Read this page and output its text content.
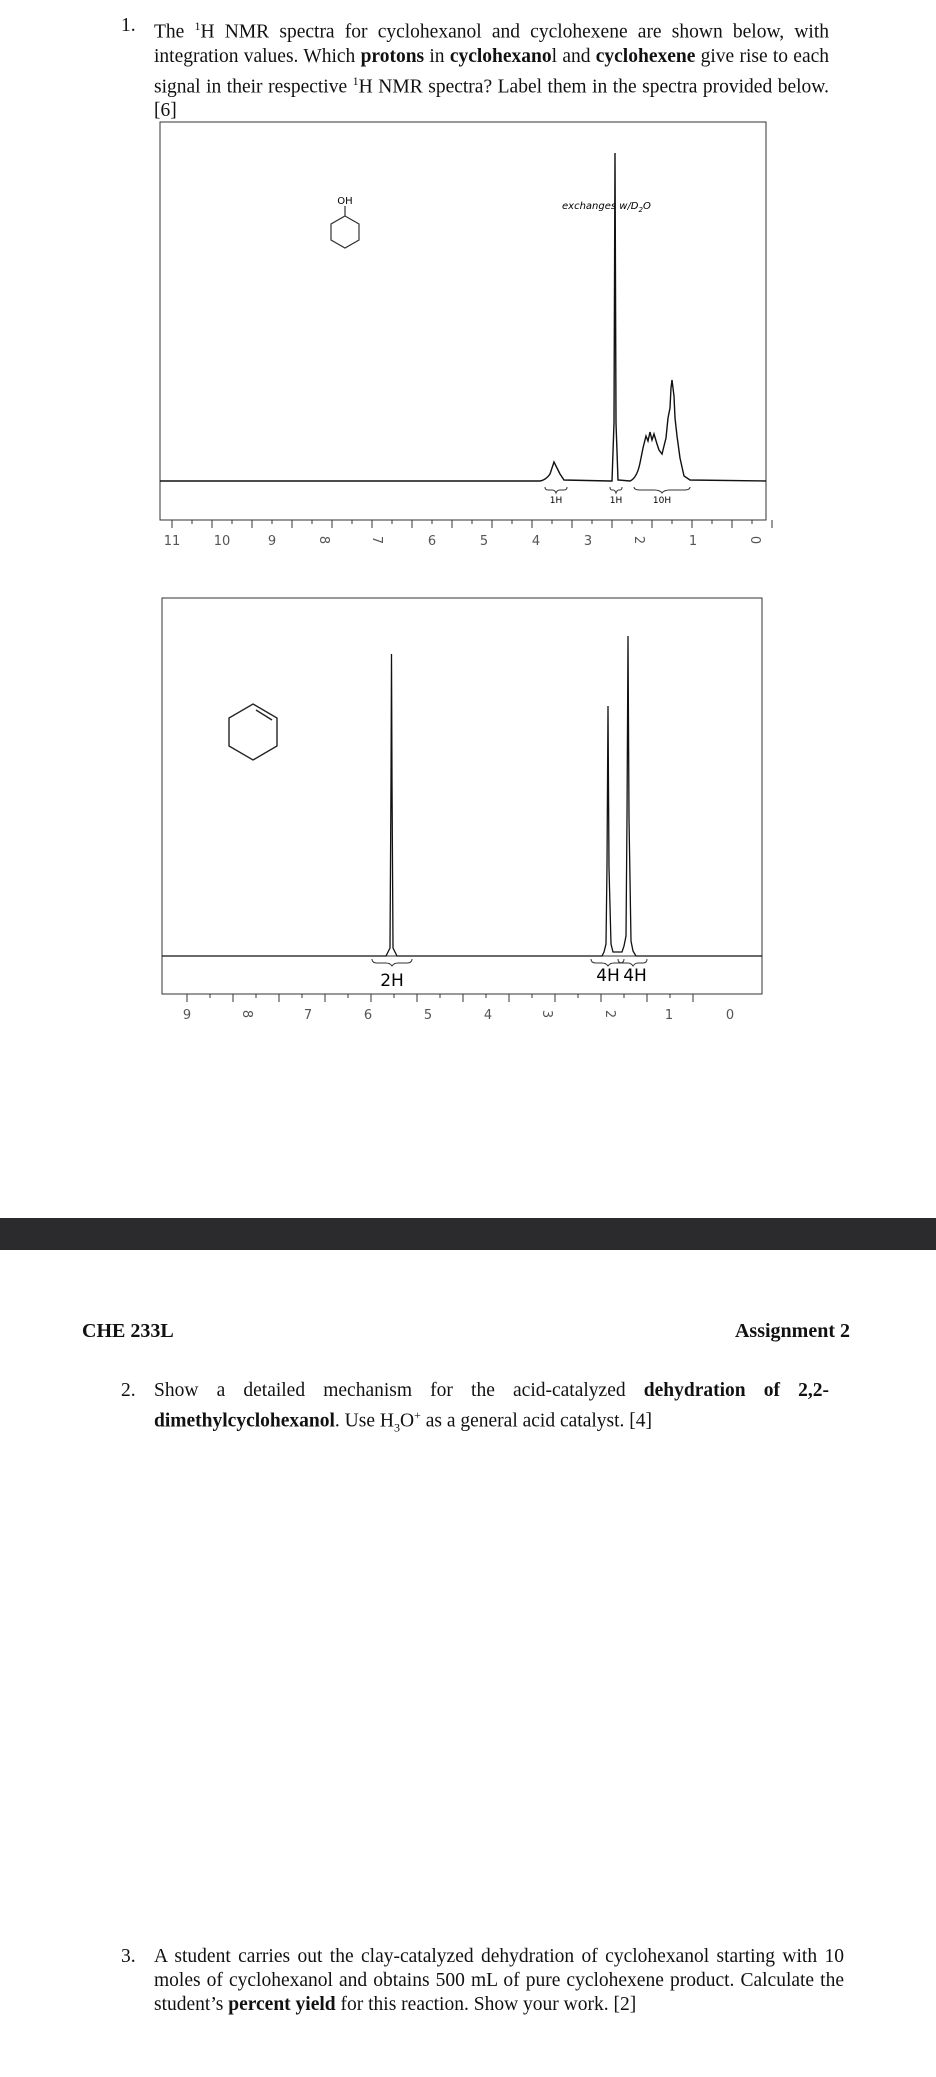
1. The $^1$H NMR spectra for cyclohexanol and cyclohexene are shown below, with integration values. Which protons in cyclohexanol and cyclohexene give rise to each signal in their respective $^1$H NMR spectra? Label them in the spectra provided below. [6]
OH	exchanges $w/D_2O$
1H	1H	10H
11	10	9	8	7	6	5	4	3	2	1	0
2H	4H 4H
9	8	7	6	5	4	3	2	1	0
CHE 233L	Assignment 2
2. Show a detailed mechanism for the acid-catalyzed dehydration of 2,2-dimethylcyclohexanol. Use $H_3O^+$ as a general acid catalyst. [4]
3. A student carries out the clay-catalyzed dehydration of cyclohexanol starting with 10 moles of cyclohexanol and obtains 500 mL of pure cyclohexene product. Calculate the student’s percent yield for this reaction. Show your work. [2]
